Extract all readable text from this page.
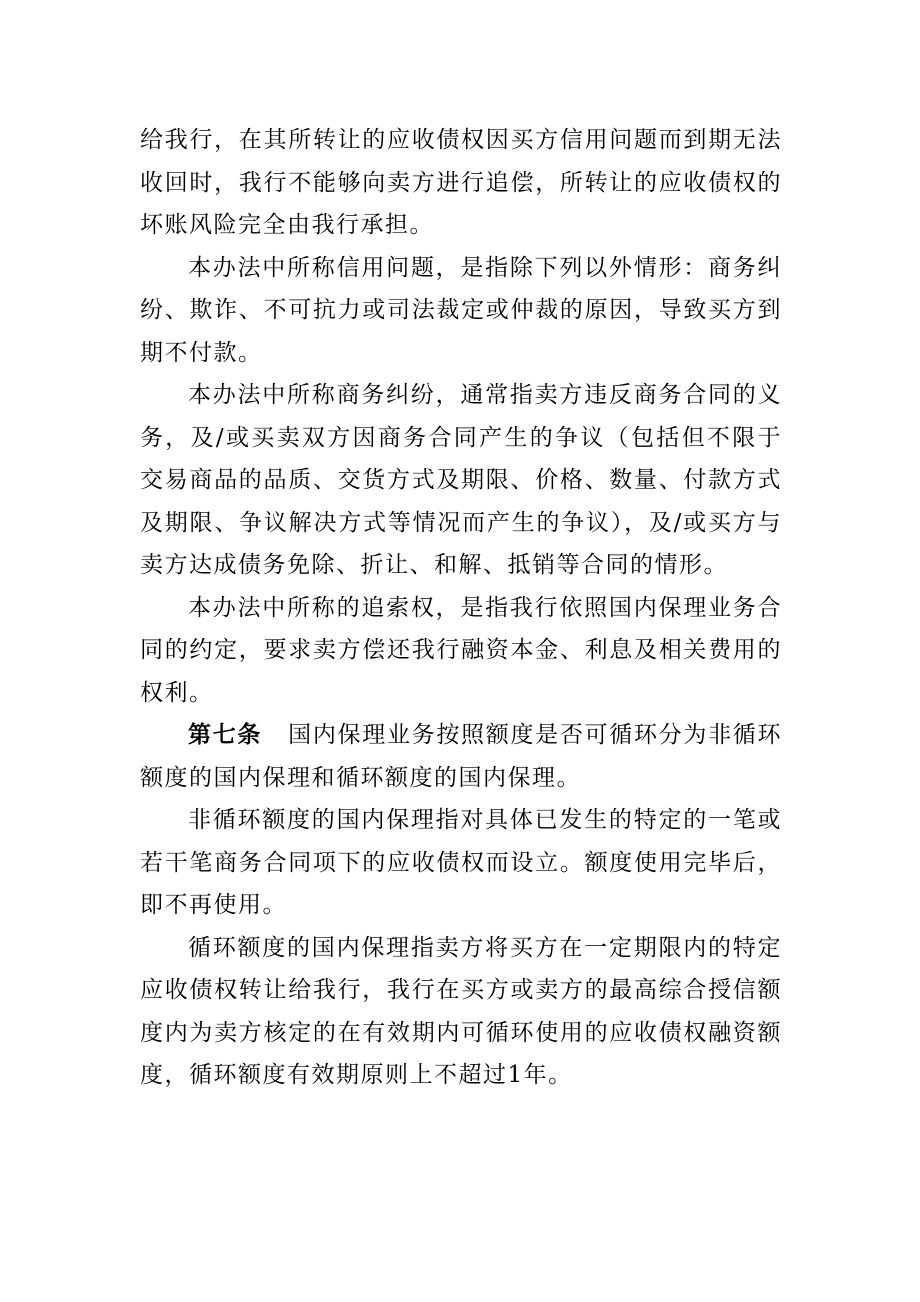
给我行，在其所转让的应收债权因买方信用问题而到期无法收回时，我行不能够向卖方进行追偿，所转让的应收债权的坏账风险完全由我行承担。

本办法中所称信用问题，是指除下列以外情形：商务纠纷、欺诈、不可抗力或司法裁定或仲裁的原因，导致买方到期不付款。

本办法中所称商务纠纷，通常指卖方违反商务合同的义务，及/或买卖双方因商务合同产生的争议（包括但不限于交易商品的品质、交货方式及期限、价格、数量、付款方式及期限、争议解决方式等情况而产生的争议），及/或买方与卖方达成债务免除、折让、和解、抵销等合同的情形。

本办法中所称的追索权，是指我行依照国内保理业务合同的约定，要求卖方偿还我行融资本金、利息及相关费用的权利。

第七条 国内保理业务按照额度是否可循环分为非循环额度的国内保理和循环额度的国内保理。

非循环额度的国内保理指对具体已发生的特定的一笔或若干笔商务合同项下的应收债权而设立。额度使用完毕后，即不再使用。

循环额度的国内保理指卖方将买方在一定期限内的特定应收债权转让给我行，我行在买方或卖方的最高综合授信额度内为卖方核定的在有效期内可循环使用的应收债权融资额度，循环额度有效期原则上不超过1年。
